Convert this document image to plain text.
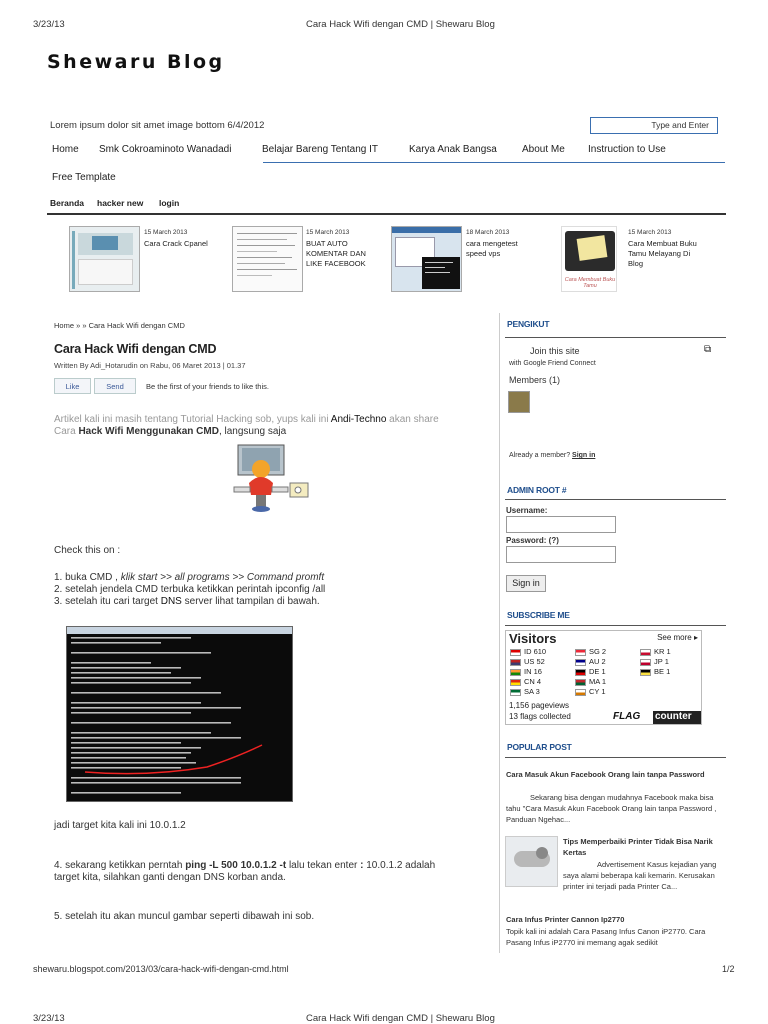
3/23/13	Cara Hack Wifi dengan CMD | Shewaru Blog
Shewaru Blog
Lorem ipsum dolor sit amet image bottom 6/4/2012	Type and Enter
Home Smk Cokroaminoto Wanadadi	Belajar Bareng Tentang IT	Karya Anak Bangsa	About Me Instruction to Use
Free Template
Beranda hacker new login
15 March 2013
Cara Crack Cpanel
15 March 2013
BUAT AUTO KOMENTAR DAN LIKE FACEBOOK
18 March 2013
cara mengetest speed vps
Cara Membuat Buku Tamu
15 March 2013
Cara Membuat Buku Tamu Melayang Di Blog
Home » » Cara Hack Wifi dengan CMD
Cara Hack Wifi dengan CMD
Written By Adi_Hotarudin on Rabu, 06 Maret 2013 | 01.37
Like	Send	Be the first of your friends to like this.
Artikel kali ini masih tentang Tutorial Hacking sob, yups kali ini Andi-Techno akan share
Cara Hack Wifi Menggunakan CMD, langsung saja
Check this on :
1. buka CMD , klik start >> all programs >> Command promft
2. setelah jendela CMD terbuka ketikkan perintah ipconfig /all
3. setelah itu cari target DNS server lihat tampilan di bawah.
jadi target kita kali ini 10.0.1.2
4. sekarang ketikkan perntah ping -L 500 10.0.1.2 -t lalu tekan enter : 10.0.1.2 adalah
target kita, silahkan ganti dengan DNS korban anda.
5. setelah itu akan muncul gambar seperti dibawah ini sob.
PENGIKUT
Join this site
with Google Friend Connect
⧉
Members (1)
Already a member? Sign in
ADMIN ROOT #
Username:
Password: (?)
Sign in
SUBSCRIBE ME
Visitors	See more ▸
ID 610	SG 2	KR 1
US 52	AU 2	JP 1
IN 16	DE 1	BE 1
CN 4	MA 1
SA 3	CY 1
1,156 pageviews
13 flags collected	FLAG counter
POPULAR POST
Cara Masuk Akun Facebook Orang lain tanpa Password
Sekarang bisa dengan mudahnya Facebook maka bisa tahu "Cara Masuk Akun Facebook Orang lain tanpa Password , Panduan Ngehac...
Tips Memperbaiki Printer Tidak Bisa Narik Kertas
Advertisement Kasus kejadian yang saya alami beberapa kali kemarin. Kerusakan printer ini terjadi pada Printer Ca...
Cara Infus Printer Cannon Ip2770
Topik kali ini adalah Cara Pasang Infus Canon iP2770. Cara Pasang Infus iP2770 ini memang agak sedikit
shewaru.blogspot.com/2013/03/cara-hack-wifi-dengan-cmd.html	1/2
3/23/13	Cara Hack Wifi dengan CMD | Shewaru Blog
